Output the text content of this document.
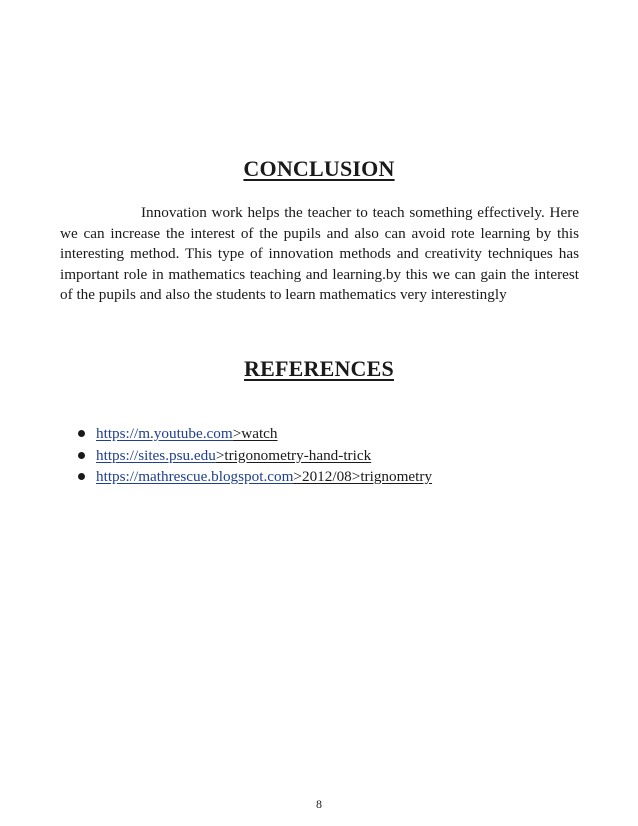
CONCLUSION

Innovation work helps the teacher to teach something effectively. Here we can increase the interest of the pupils and also can avoid rote learning by this interesting method. This type of innovation methods and creativity techniques has important role in mathematics teaching and learning.by this we can gain the interest of the pupils and also the students to learn mathematics very interestingly

REFERENCES
https://m.youtube.com>watch
https://sites.psu.edu>trigonometry-hand-trick
https://mathrescue.blogspot.com>2012/08>trignometry

8
